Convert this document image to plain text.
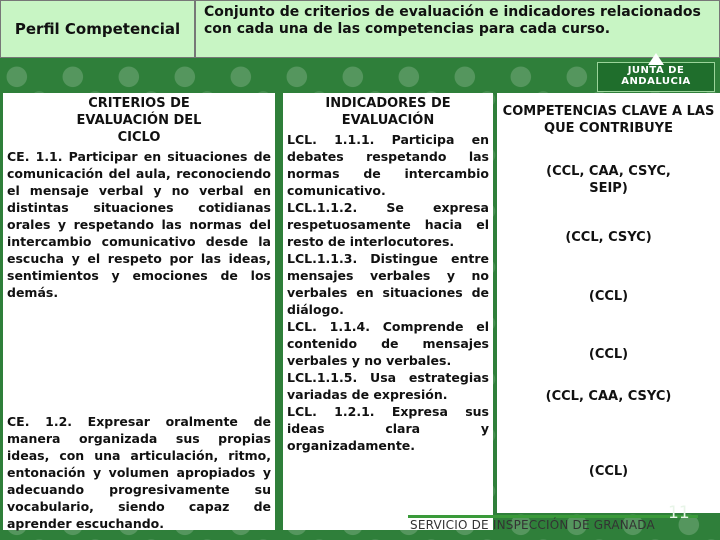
Perfil Competencial
Conjunto de criterios de evaluación e indicadores relacionados con cada una de las competencias para cada curso.
JUNTA DE ANDALUCIA
CRITERIOS DE EVALUACIÓN DEL CICLO

CE. 1.1. Participar en situaciones de comunicación del aula, reconociendo el mensaje verbal y no verbal en distintas situaciones cotidianas orales y respetando las normas del intercambio comunicativo desde la escucha y el respeto por las ideas, sentimientos y emociones de los demás.

CE. 1.2. Expresar oralmente de manera organizada sus propias ideas, con una articulación, ritmo, entonación y volumen apropiados y adecuando progresivamente su vocabulario, siendo capaz de aprender escuchando.

INDICADORES DE EVALUACIÓN

LCL. 1.1.1. Participa en debates respetando las normas de intercambio comunicativo.

LCL.1.1.2. Se expresa respetuosamente hacia el resto de interlocutores.

LCL.1.1.3. Distingue entre mensajes verbales y no verbales en situaciones de diálogo.

LCL. 1.1.4. Comprende el contenido de mensajes verbales y no verbales.

LCL.1.1.5. Usa estrategias variadas de expresión.

LCL. 1.2.1. Expresa sus ideas clara y organizadamente.

COMPETENCIAS CLAVE A LAS QUE CONTRIBUYE
(CCL, CAA, CSYC, SEIP)
(CCL, CSYC)
(CCL)
(CCL)
(CCL, CAA, CSYC)
(CCL)
11
SERVICIO DE INSPECCIÓN DE GRANADA
